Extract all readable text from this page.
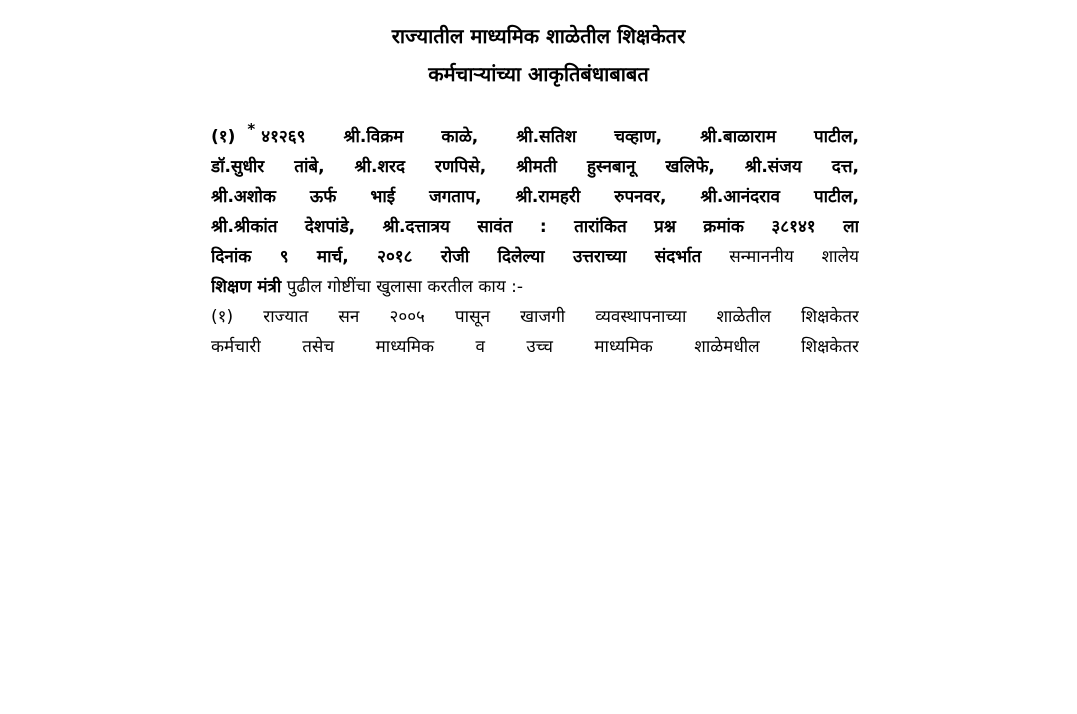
राज्यातील माध्यमिक शाळेतील शिक्षकेतर
कर्मचाऱ्यांच्या आकृतिबंधाबाबत
(१) * ४१२६९ श्री.विक्रम काळे, श्री.सतिश चव्हाण, श्री.बाळाराम पाटील,
डॉ.सुधीर तांबे, श्री.शरद रणपिसे, श्रीमती हुस्नबानू खलिफे, श्री.संजय दत्त,
श्री.अशोक ऊर्फ भाई जगताप, श्री.रामहरी रुपनवर, श्री.आनंदराव पाटील,
श्री.श्रीकांत देशपांडे, श्री.दत्तात्रय सावंत : तारांकित प्रश्न क्रमांक ३८१४१ ला
दिनांक ९ मार्च, २०१८ रोजी दिलेल्या उत्तराच्या संदर्भात सन्माननीय शालेय
शिक्षण मंत्री पुढील गोष्टींचा खुलासा करतील काय :-
(१) राज्यात सन २००५ पासून खाजगी व्यवस्थापनाच्या शाळेतील शिक्षकेतर
कर्मचारी तसेच माध्यमिक व उच्च माध्यमिक शाळेमधील शिक्षकेतर
